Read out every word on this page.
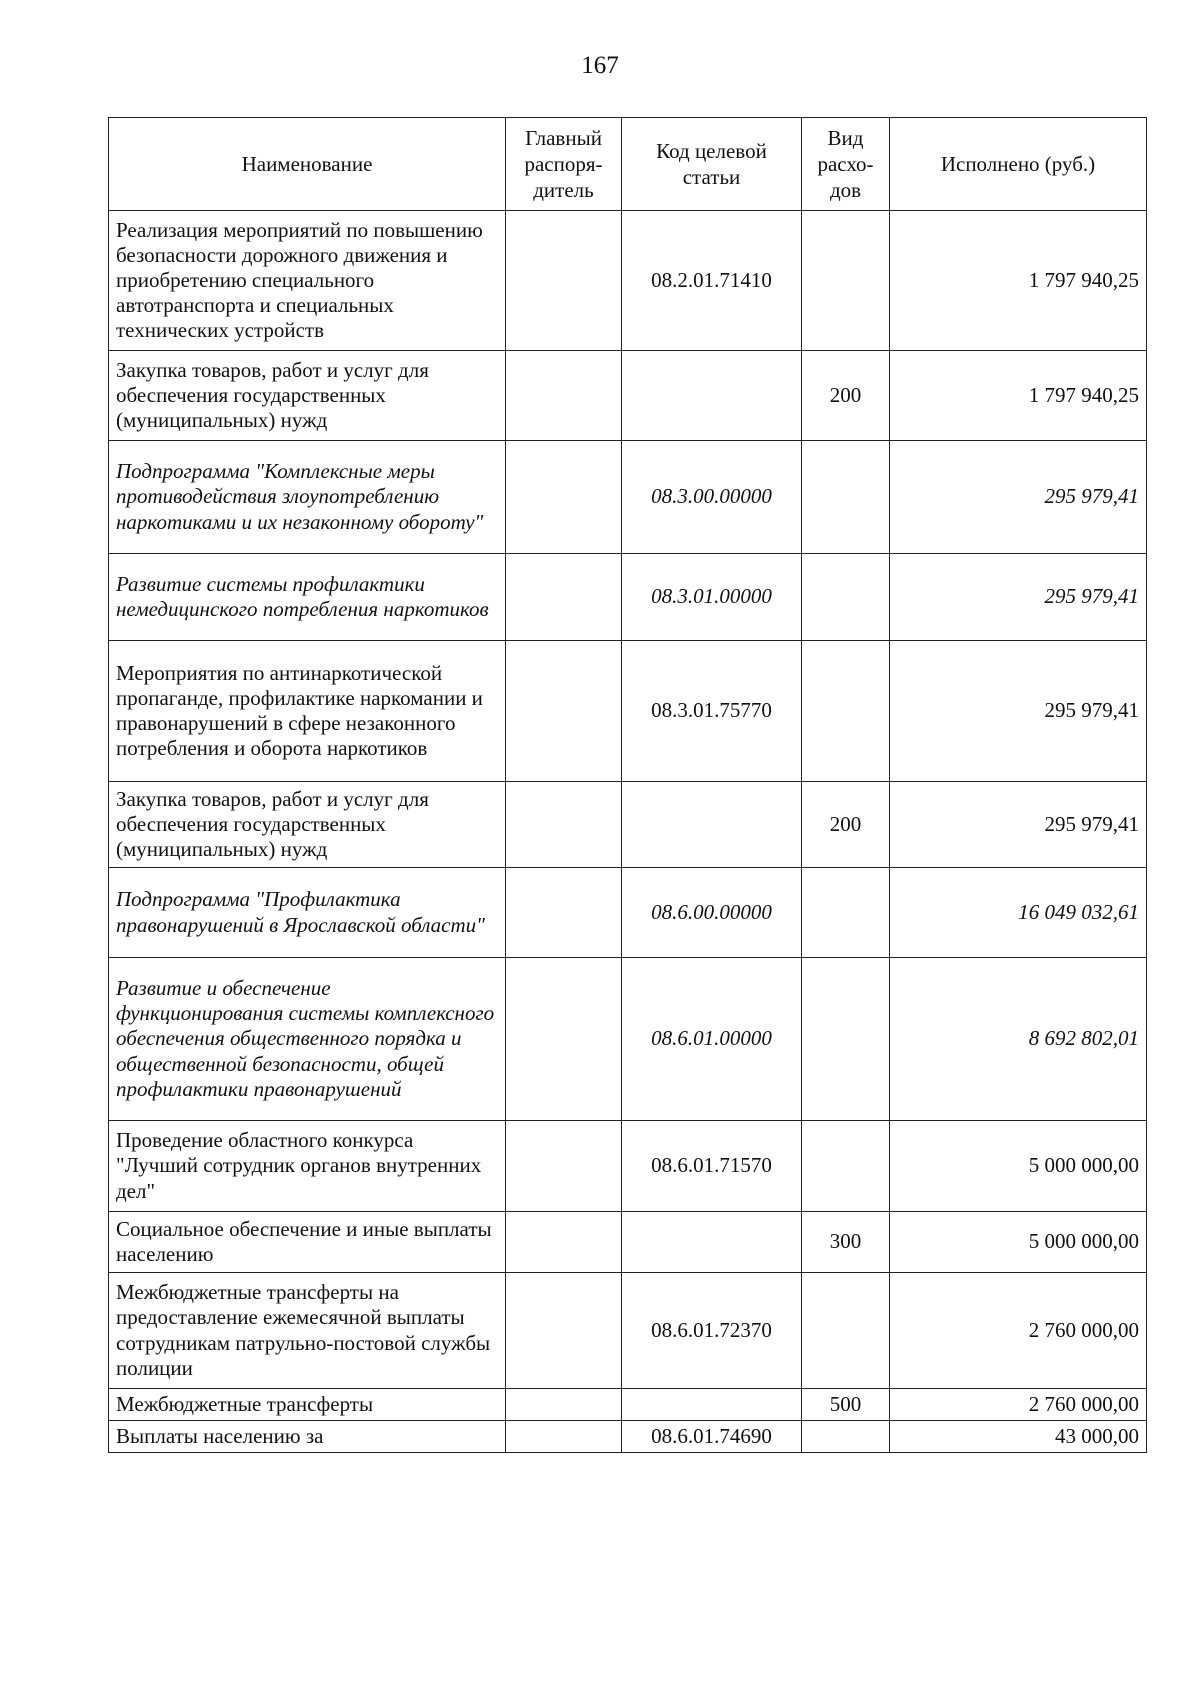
167
Наименование	Главный распоря-дитель	Код целевой статьи	Вид расхо-дов	Исполнено (руб.)
Реализация мероприятий по повышению безопасности дорожного движения и приобретению специального автотранспорта и специальных технических устройств		08.2.01.71410		1 797 940,25
Закупка товаров, работ и услуг для обеспечения государственных (муниципальных) нужд			200	1 797 940,25
Подпрограмма "Комплексные меры противодействия злоупотреблению наркотиками и их незаконному обороту"		08.3.00.00000		295 979,41
Развитие системы профилактики немедицинского потребления наркотиков		08.3.01.00000		295 979,41
Мероприятия по антинаркотической пропаганде, профилактике наркомании и правонарушений в сфере незаконного потребления и оборота наркотиков		08.3.01.75770		295 979,41
Закупка товаров, работ и услуг для обеспечения государственных (муниципальных) нужд			200	295 979,41
Подпрограмма "Профилактика правонарушений в Ярославской области"		08.6.00.00000		16 049 032,61
Развитие и обеспечение функционирования системы комплексного обеспечения общественного порядка и общественной безопасности, общей профилактики правонарушений		08.6.01.00000		8 692 802,01
Проведение областного конкурса "Лучший сотрудник органов внутренних дел"		08.6.01.71570		5 000 000,00
Социальное обеспечение и иные выплаты населению			300	5 000 000,00
Межбюджетные трансферты на предоставление ежемесячной выплаты сотрудникам патрульно-постовой службы полиции		08.6.01.72370		2 760 000,00
Межбюджетные трансферты			500	2 760 000,00
Выплаты населению за		08.6.01.74690		43 000,00
